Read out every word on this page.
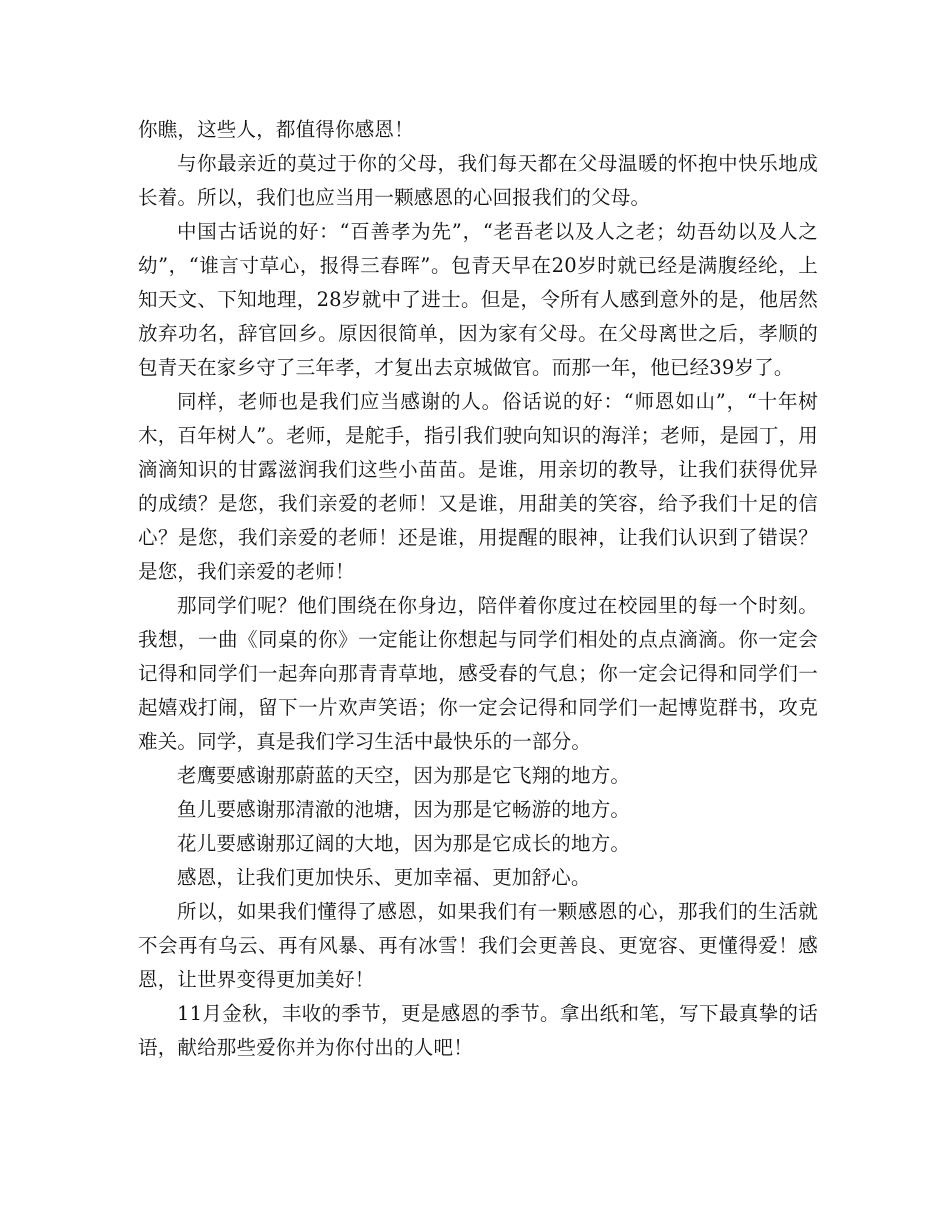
你瞧，这些人，都值得你感恩！

与你最亲近的莫过于你的父母，我们每天都在父母温暖的怀抱中快乐地成长着。所以，我们也应当用一颗感恩的心回报我们的父母。

中国古话说的好：“百善孝为先”，“老吾老以及人之老；幼吾幼以及人之幼”，“谁言寸草心，报得三春晖”。包青天早在20岁时就已经是满腹经纶，上知天文、下知地理，28岁就中了进士。但是，令所有人感到意外的是，他居然放弃功名，辞官回乡。原因很简单，因为家有父母。在父母离世之后，孝顺的包青天在家乡守了三年孝，才复出去京城做官。而那一年，他已经39岁了。

同样，老师也是我们应当感谢的人。俗话说的好：“师恩如山”，“十年树木，百年树人”。老师，是舵手，指引我们驶向知识的海洋；老师，是园丁，用滴滴知识的甘露滋润我们这些小苗苗。是谁，用亲切的教导，让我们获得优异的成绩？是您，我们亲爱的老师！又是谁，用甜美的笑容，给予我们十足的信心？是您，我们亲爱的老师！还是谁，用提醒的眼神，让我们认识到了错误？是您，我们亲爱的老师！

那同学们呢？他们围绕在你身边，陪伴着你度过在校园里的每一个时刻。我想，一曲《同桌的你》一定能让你想起与同学们相处的点点滴滴。你一定会记得和同学们一起奔向那青青草地，感受春的气息；你一定会记得和同学们一起嬉戏打闹，留下一片欢声笑语；你一定会记得和同学们一起博览群书，攻克难关。同学，真是我们学习生活中最快乐的一部分。

老鹰要感谢那蔚蓝的天空，因为那是它飞翔的地方。

鱼儿要感谢那清澈的池塘，因为那是它畅游的地方。

花儿要感谢那辽阔的大地，因为那是它成长的地方。

感恩，让我们更加快乐、更加幸福、更加舒心。

所以，如果我们懂得了感恩，如果我们有一颗感恩的心，那我们的生活就不会再有乌云、再有风暴、再有冰雪！我们会更善良、更宽容、更懂得爱！感恩，让世界变得更加美好！

11月金秋，丰收的季节，更是感恩的季节。拿出纸和笔，写下最真挚的话语，献给那些爱你并为你付出的人吧！
